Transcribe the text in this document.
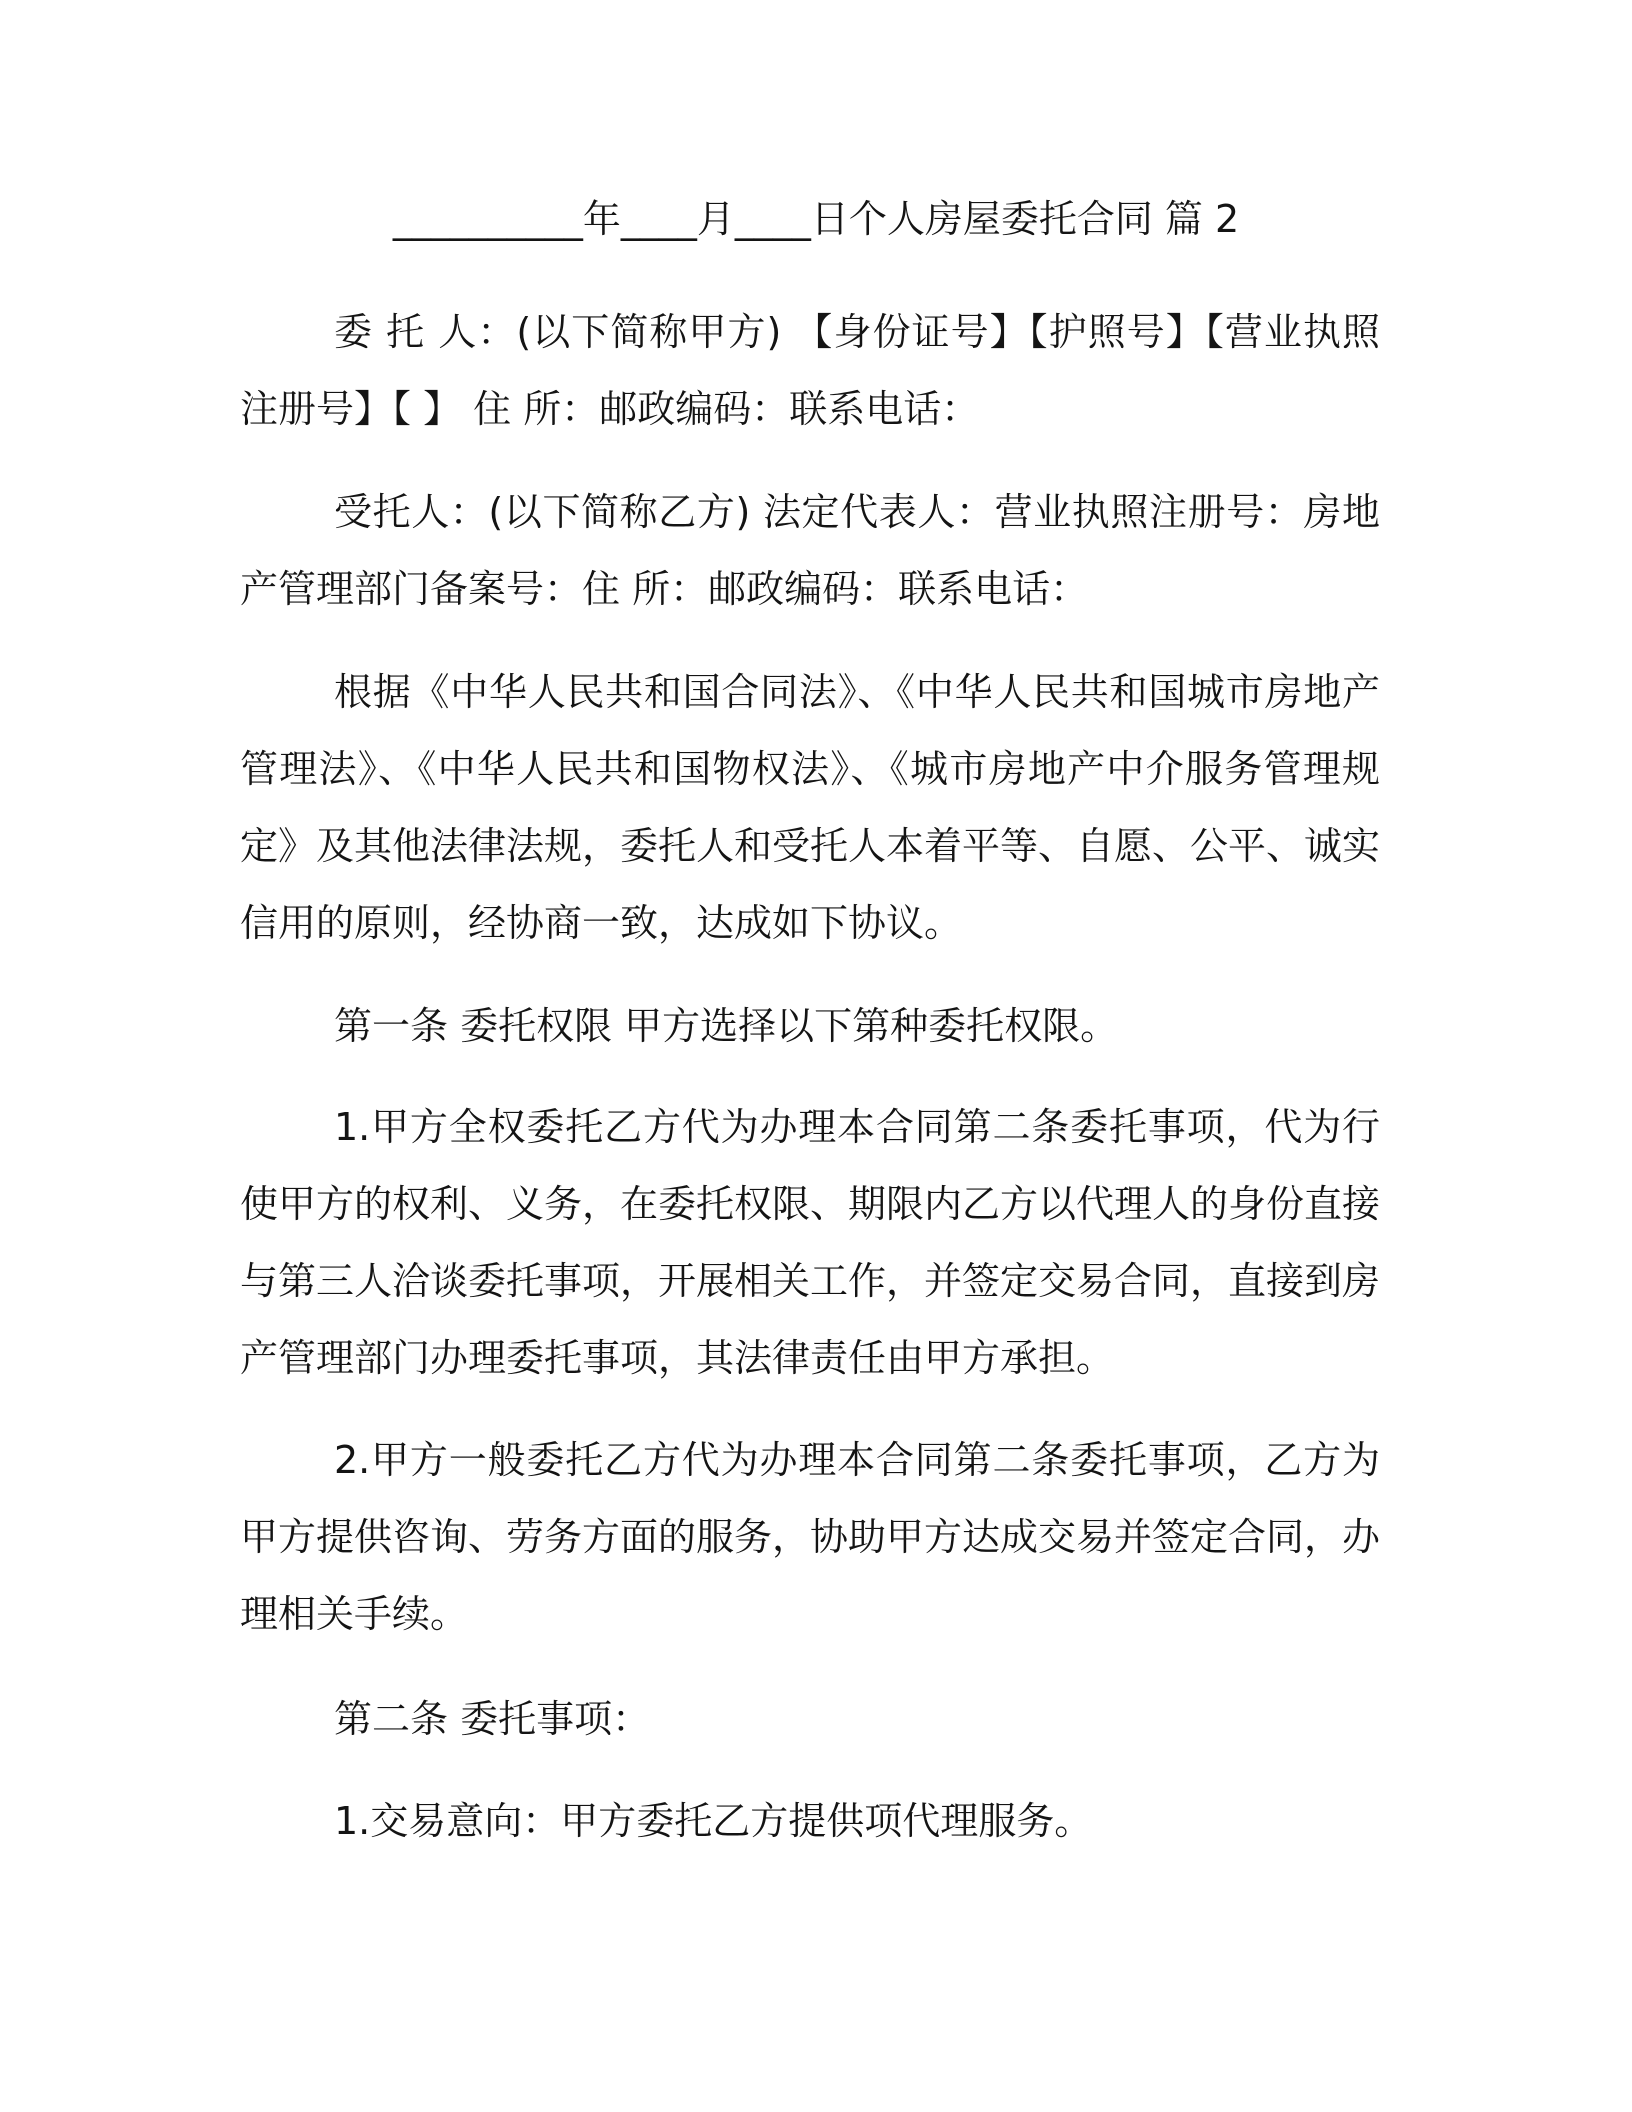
__________年____月____日个人房屋委托合同 篇 2

委 托 人：(以下简称甲方) 【身份证号】【护照号】【营业执照注册号】【 】 住 所：邮政编码：联系电话：

受托人：(以下简称乙方) 法定代表人：营业执照注册号：房地产管理部门备案号：住 所：邮政编码：联系电话：

根据《中华人民共和国合同法》、《中华人民共和国城市房地产管理法》、《中华人民共和国物权法》、《城市房地产中介服务管理规定》及其他法律法规，委托人和受托人本着平等、自愿、公平、诚实信用的原则，经协商一致，达成如下协议。

第一条 委托权限 甲方选择以下第种委托权限。

1.甲方全权委托乙方代为办理本合同第二条委托事项，代为行使甲方的权利、义务，在委托权限、期限内乙方以代理人的身份直接与第三人洽谈委托事项，开展相关工作，并签定交易合同，直接到房产管理部门办理委托事项，其法律责任由甲方承担。

2.甲方一般委托乙方代为办理本合同第二条委托事项，乙方为甲方提供咨询、劳务方面的服务，协助甲方达成交易并签定合同，办理相关手续。

第二条 委托事项：

1.交易意向：甲方委托乙方提供项代理服务。
